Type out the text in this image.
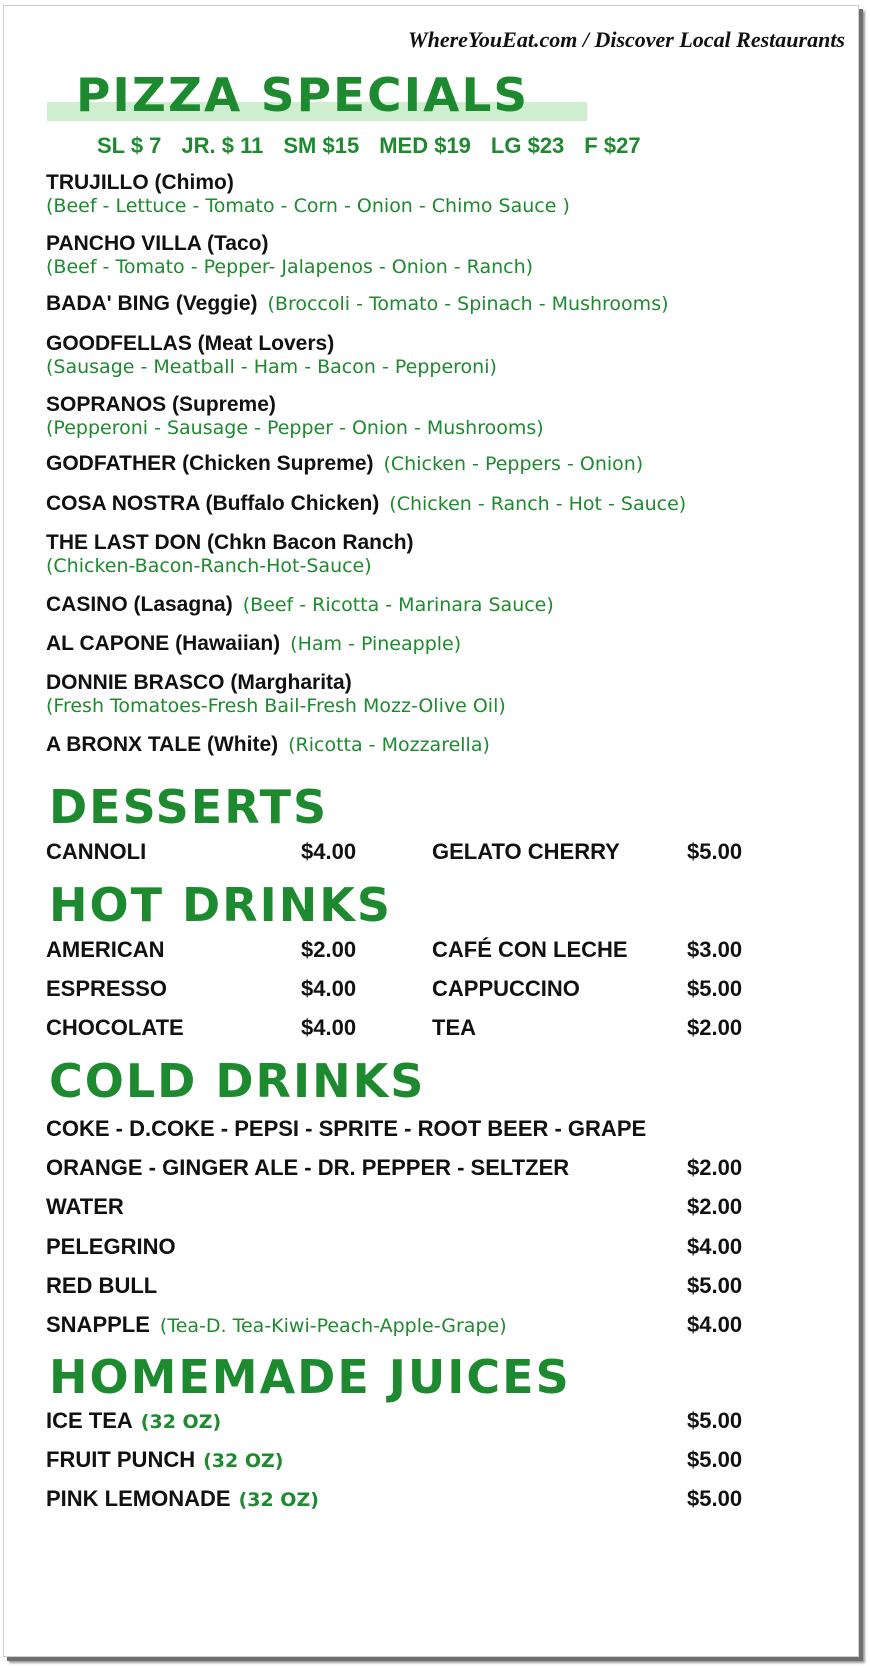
WhereYouEat.com / Discover Local Restaurants
PIZZA SPECIALS
SL $ 7 JR. $ 11 SM $15 MED $19 LG $23 F $27
TRUJILLO (Chimo)
(Beef - Lettuce - Tomato - Corn - Onion - Chimo Sauce )
PANCHO VILLA (Taco)
(Beef - Tomato - Pepper- Jalapenos - Onion - Ranch)
BADA' BING (Veggie) (Broccoli - Tomato - Spinach - Mushrooms)
GOODFELLAS (Meat Lovers)
(Sausage - Meatball - Ham - Bacon - Pepperoni)
SOPRANOS (Supreme)
(Pepperoni - Sausage - Pepper - Onion - Mushrooms)
GODFATHER (Chicken Supreme) (Chicken - Peppers - Onion)
COSA NOSTRA (Buffalo Chicken) (Chicken - Ranch - Hot - Sauce)
THE LAST DON (Chkn Bacon Ranch)
(Chicken-Bacon-Ranch-Hot-Sauce)
CASINO (Lasagna) (Beef - Ricotta - Marinara Sauce)
AL CAPONE (Hawaiian) (Ham - Pineapple)
DONNIE BRASCO (Margharita)
(Fresh Tomatoes-Fresh Bail-Fresh Mozz-Olive Oil)
A BRONX TALE (White) (Ricotta - Mozzarella)
DESSERTS
CANNOLI	$4.00	GELATO CHERRY	$5.00
HOT DRINKS
AMERICAN	$2.00	CAFÉ CON LECHE	$3.00
ESPRESSO	$4.00	CAPPUCCINO	$5.00
CHOCOLATE	$4.00	TEA	$2.00
COLD DRINKS
COKE - D.COKE - PEPSI - SPRITE - ROOT BEER - GRAPE
ORANGE - GINGER ALE - DR. PEPPER - SELTZER	$2.00
WATER	$2.00
PELEGRINO	$4.00
RED BULL	$5.00
SNAPPLE (Tea-D. Tea-Kiwi-Peach-Apple-Grape)	$4.00
HOMEMADE JUICES
ICE TEA (32 OZ)	$5.00
FRUIT PUNCH (32 OZ)	$5.00
PINK LEMONADE (32 OZ)	$5.00
